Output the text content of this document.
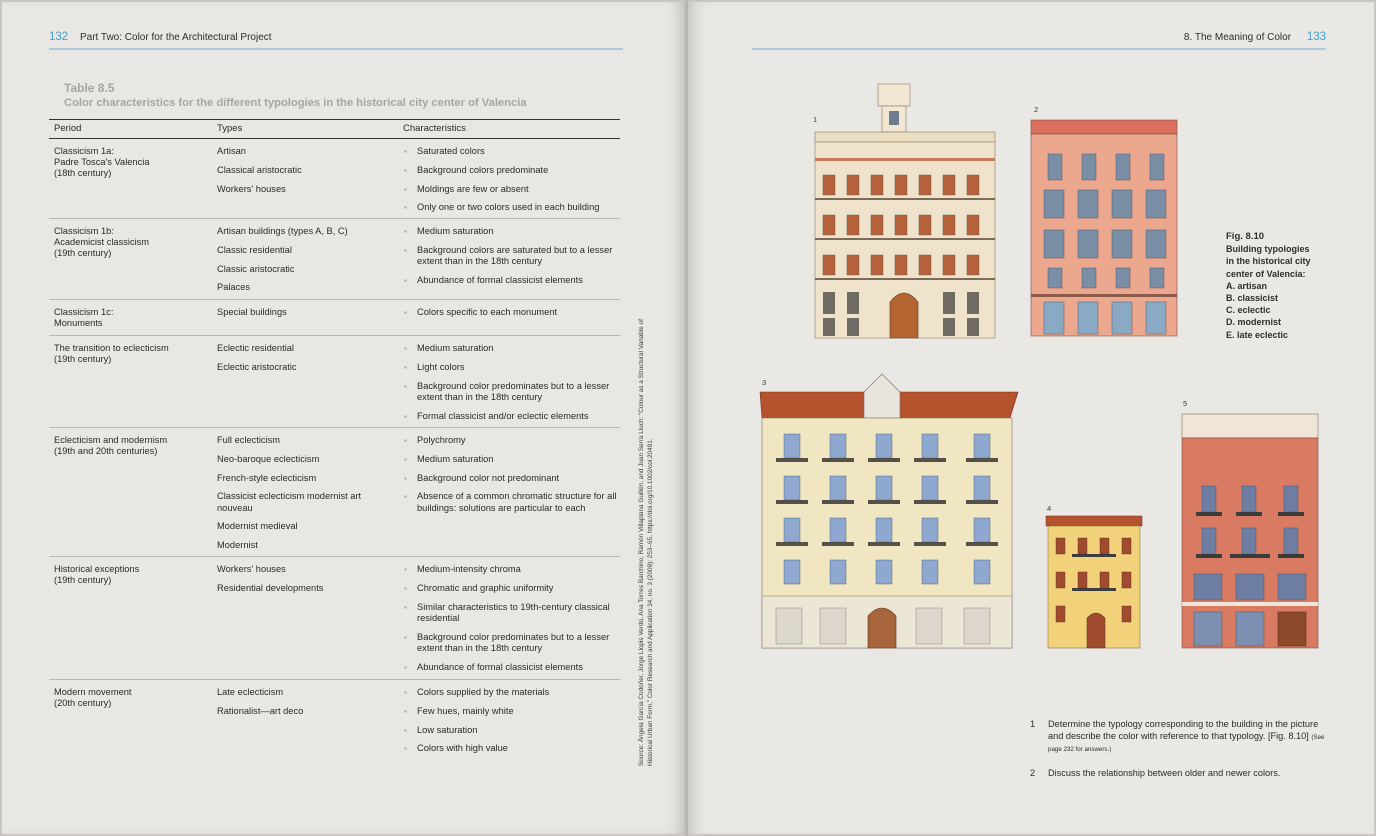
132 Part Two: Color for the Architectural Project	8. The Meaning of Color 133
Table 8.5
Color characteristics for the different typologies in the historical city center of Valencia
Period	Types	Characteristics
Classicism 1a:
Padre Tosca's Valencia
(18th century)
Artisan
Classical aristocratic
Workers' houses
▪ Saturated colors
▪ Background colors predominate
▪ Moldings are few or absent
▪ Only one or two colors used in each building
Classicism 1b:
Academicist classicism
(19th century)
Artisan buildings (types A, B, C)
Classic residential
Classic aristocratic
Palaces
▪ Medium saturation
▪ Background colors are saturated but to a lesser extent than in the 18th century
▪ Abundance of formal classicist elements
Classicism 1c:
Monuments
Special buildings
▪	Colors specific to each monument
The transition to eclecticism
(19th century)
Eclectic residential
Eclectic aristocratic
▪ Medium saturation
▪ Light colors
▪ Background color predominates but to a lesser extent than in the 18th century
▪ Formal classicist and/or eclectic elements
Eclecticism and modernism
(19th and 20th centuries)
Full eclecticism
Neo-baroque eclecticism
French-style eclecticism
Classicist eclecticism modernist art nouveau
Modernist medieval
Modernist
▪ Polychromy
▪ Medium saturation
▪ Background color not predominant
▪ Absence of a common chromatic structure for all buildings: solutions are particular to each
Historical exceptions
(19th century)
Workers' houses
Residential developments
▪ Medium-intensity chroma
▪ Chromatic and graphic uniformity
▪ Similar characteristics to 19th-century classical residential
▪ Background color predominates but to a lesser extent than in the 18th century
▪ Abundance of formal classicist elements
Modern movement
(20th century)
Late eclecticism
Rationalist—art deco
▪ Colors supplied by the materials
▪ Few hues, mainly white
▪ Low saturation
▪ Colors with high value	Source: Ángela García Codoñer, Jorge Llopis Verdú, Ana Torres Barchino, Ramón Villaplana Guillén, and Juan Serra Lluch: “Colour as a Structural Variable of Historical Urban Form,” Color Research and Application 34, no. 3 (2009): 253–65, https://doi.org/10.1002/col.20491.
1
2
3
4
5
Fig. 8.10
Building typologies
in the historical city
center of Valencia:
A. artisan
B. classicist
C. eclectic
D. modernist
E. late eclectic
1 Determine the typology corresponding to the building in the picture and describe the color with reference to that typology. [Fig. 8.10] (See page 232 for answers.)
2 Discuss the relationship between older and newer colors.
